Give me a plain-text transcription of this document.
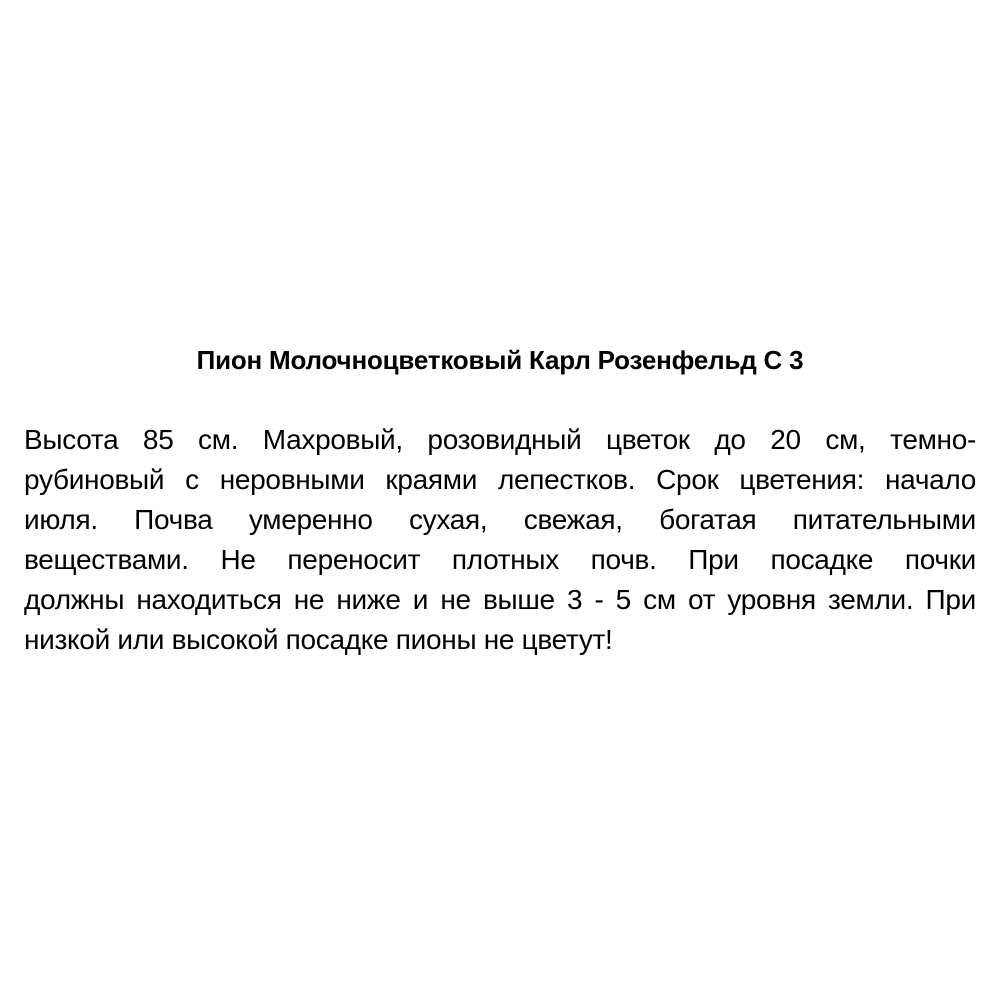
Пион Молочноцветковый Карл Розенфельд С 3
Высота 85 см. Махровый, розовидный цветок до 20 см, темно-
рубиновый с неровными краями лепестков. Срок цветения: начало
июля. Почва умеренно сухая, свежая, богатая питательными
веществами. Не переносит плотных почв. При посадке почки
должны находиться не ниже и не выше 3 - 5 см от уровня земли. При
низкой или высокой посадке пионы не цветут!
